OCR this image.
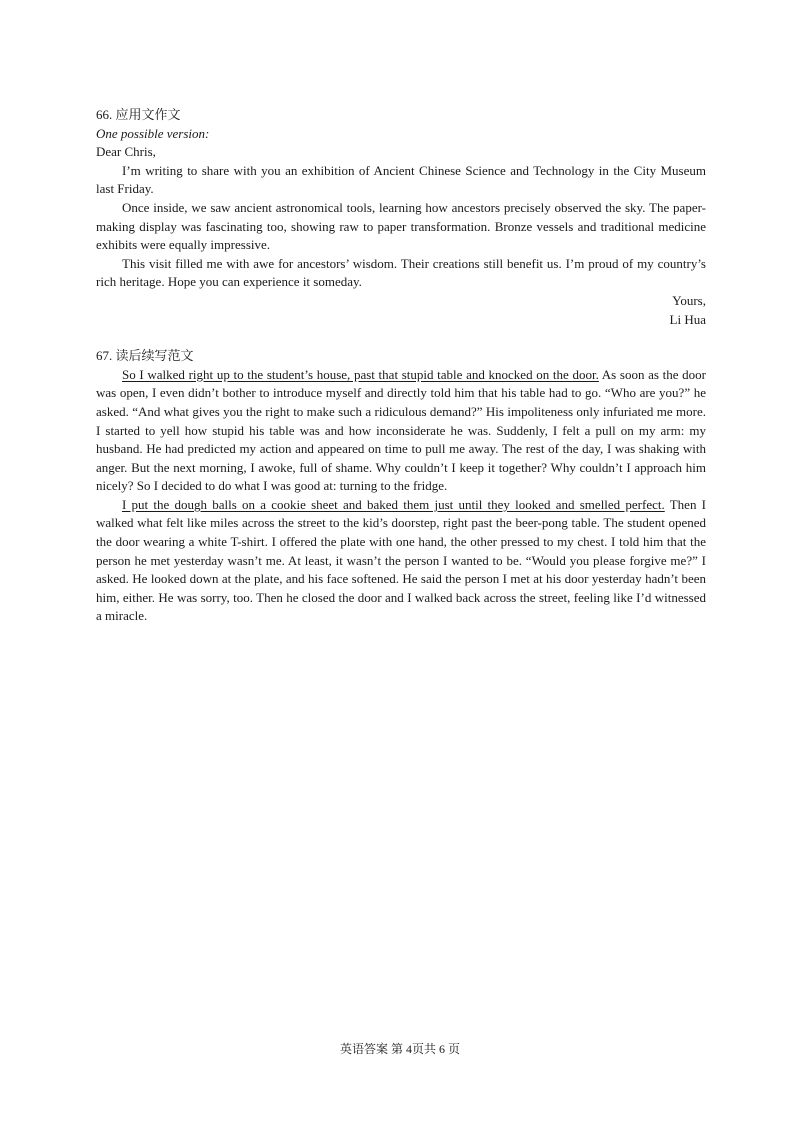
66. 应用文作文

One possible version:

Dear Chris,

I’m writing to share with you an exhibition of Ancient Chinese Science and Technology in the City Museum last Friday.

Once inside, we saw ancient astronomical tools, learning how ancestors precisely observed the sky. The paper-making display was fascinating too, showing raw to paper transformation. Bronze vessels and traditional medicine exhibits were equally impressive.

This visit filled me with awe for ancestors’ wisdom. Their creations still benefit us. I’m proud of my country’s rich heritage. Hope you can experience it someday.

Yours,

Li Hua

67. 读后续写范文

So I walked right up to the student’s house, past that stupid table and knocked on the door. As soon as the door was open, I even didn’t bother to introduce myself and directly told him that his table had to go. “Who are you?” he asked. “And what gives you the right to make such a ridiculous demand?” His impoliteness only infuriated me more. I started to yell how stupid his table was and how inconsiderate he was. Suddenly, I felt a pull on my arm: my husband. He had predicted my action and appeared on time to pull me away. The rest of the day, I was shaking with anger. But the next morning, I awoke, full of shame. Why couldn’t I keep it together? Why couldn’t I approach him nicely? So I decided to do what I was good at: turning to the fridge.

I put the dough balls on a cookie sheet and baked them just until they looked and smelled perfect. Then I walked what felt like miles across the street to the kid’s doorstep, right past the beer-pong table. The student opened the door wearing a white T-shirt. I offered the plate with one hand, the other pressed to my chest. I told him that the person he met yesterday wasn’t me. At least, it wasn’t the person I wanted to be. “Would you please forgive me?” I asked. He looked down at the plate, and his face softened. He said the person I met at his door yesterday hadn’t been him, either. He was sorry, too. Then he closed the door and I walked back across the street, feeling like I’d witnessed a miracle.

英语答案 第 4页共 6 页
